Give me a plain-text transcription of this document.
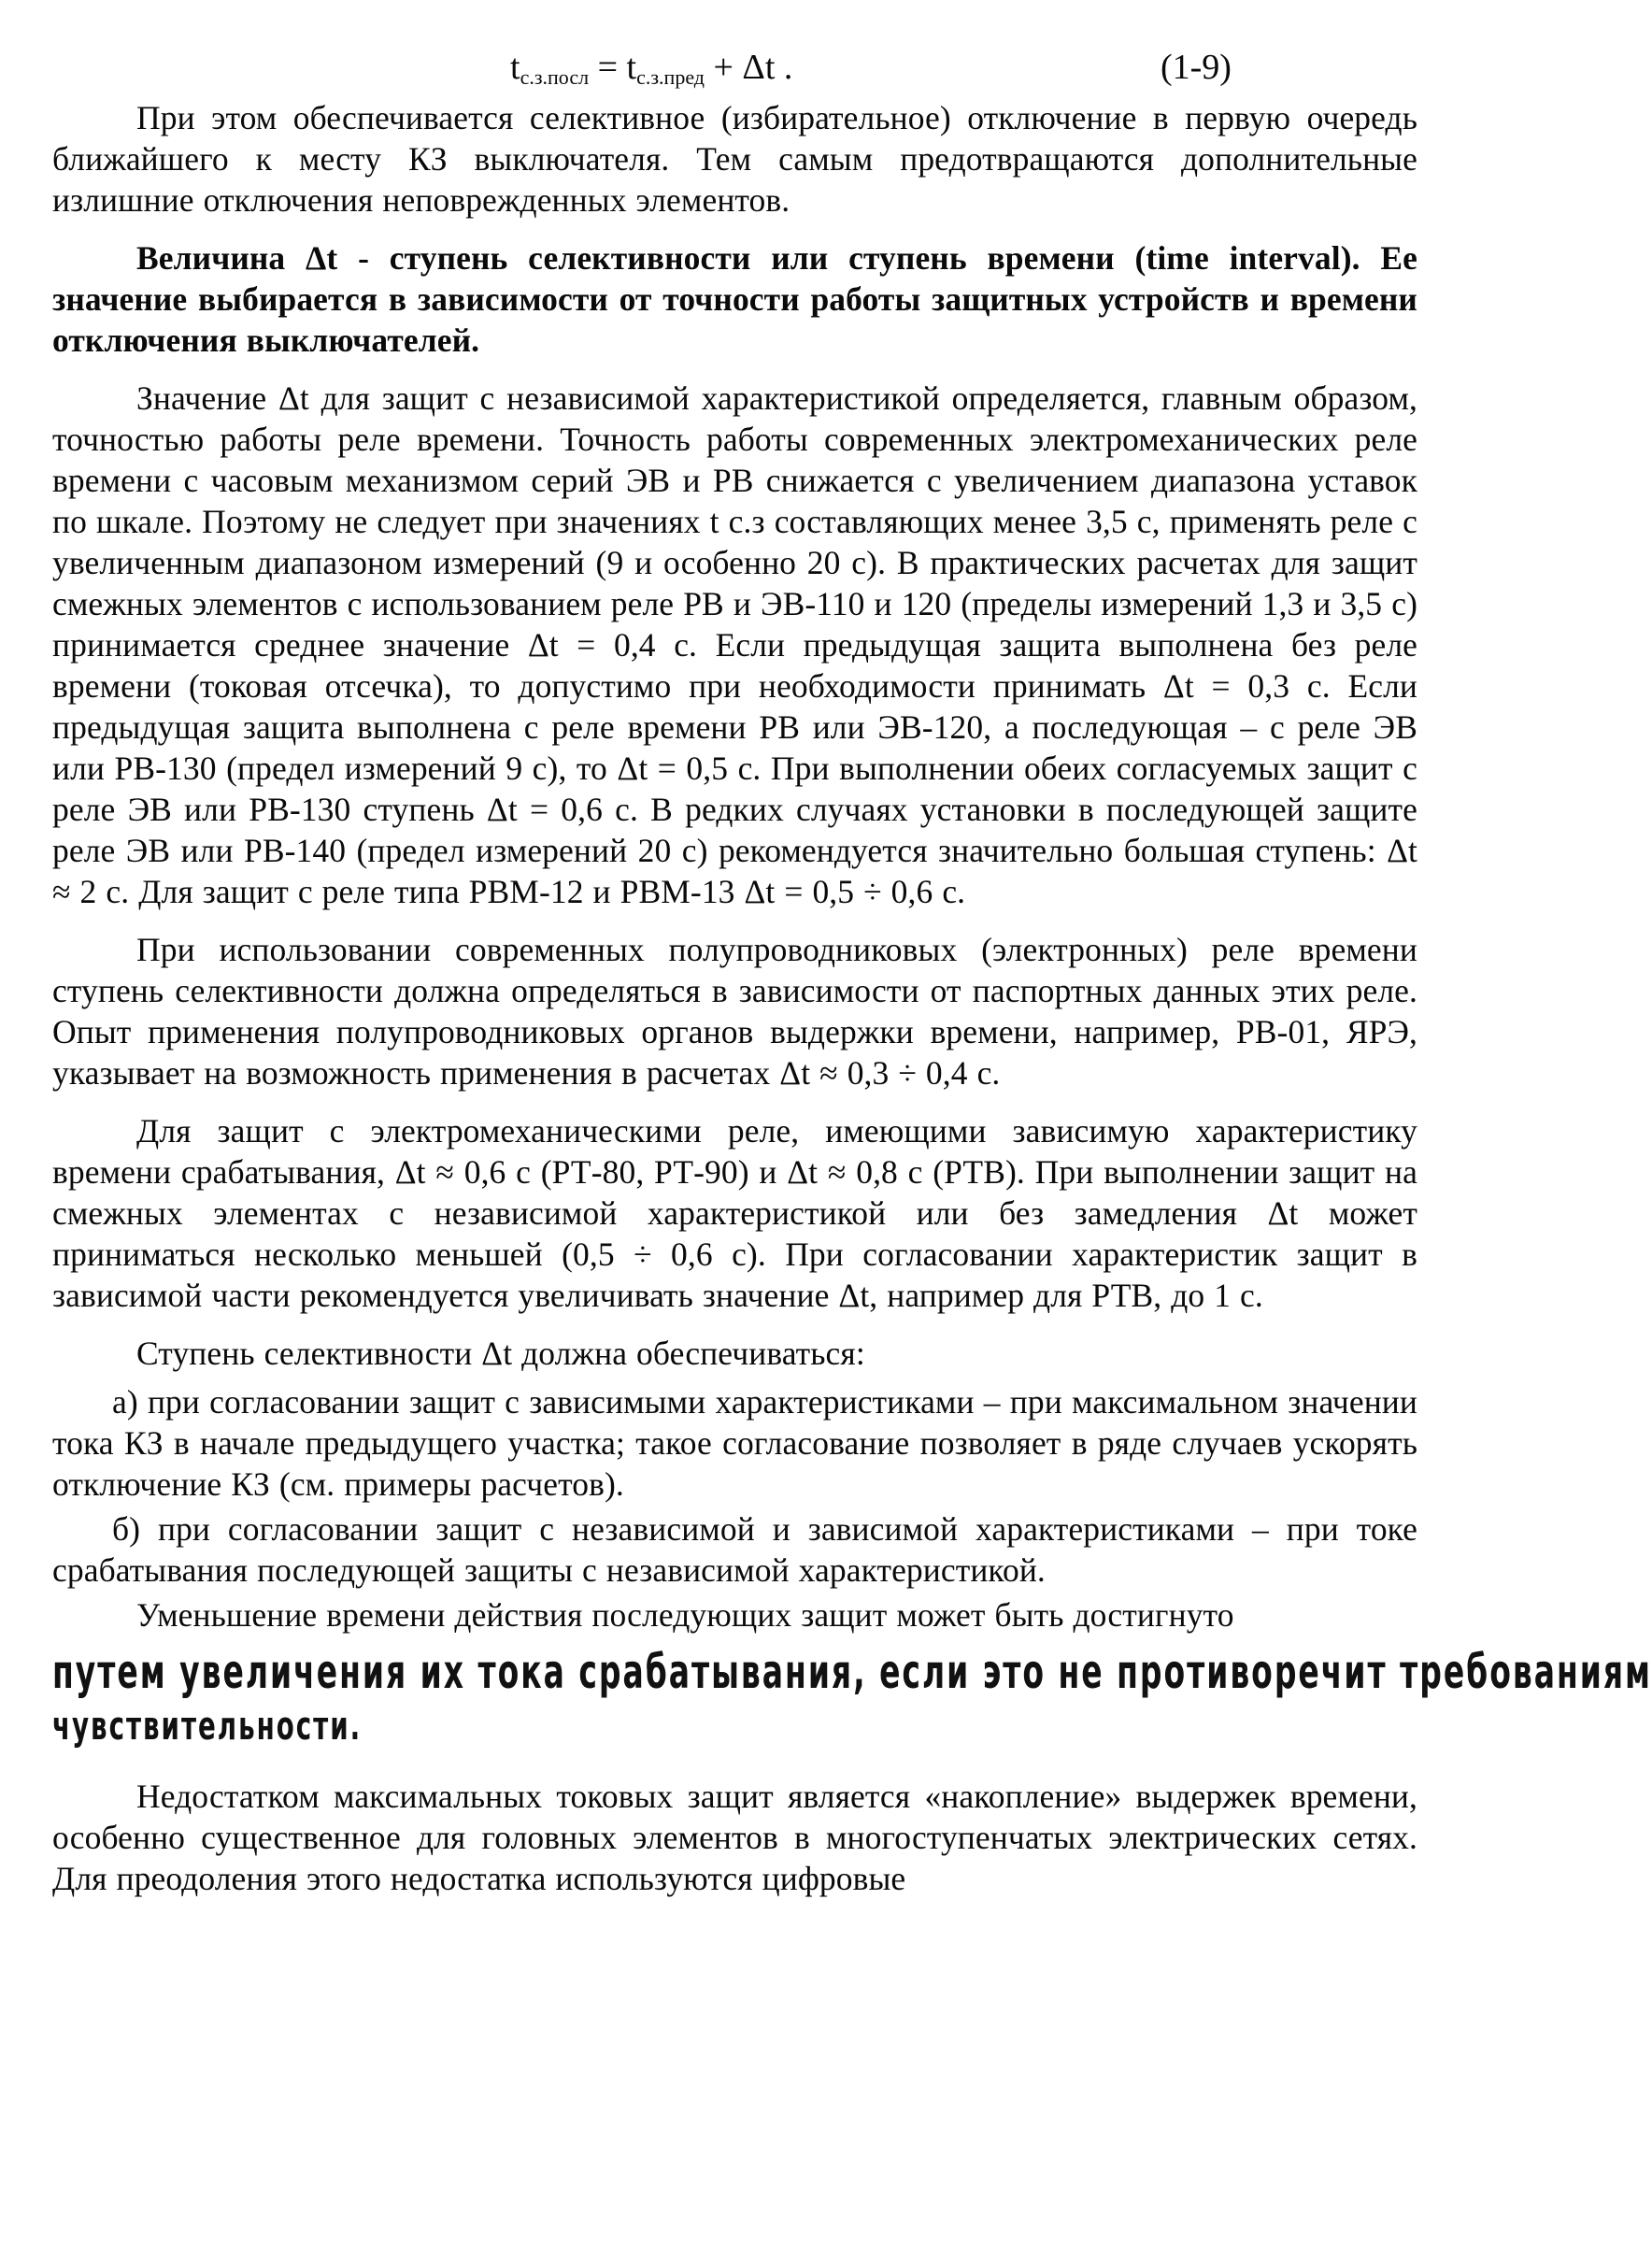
$t_{с.з.посл} = t_{с.з.пред} + \Delta t$ .	(1-9)

При этом обеспечивается селективное (избирательное) отключение в первую очередь ближайшего к месту КЗ выключателя. Тем самым предотвращаются дополнительные излишние отключения неповрежденных элементов.

Величина Δt - ступень селективности или ступень времени (time interval). Ее значение выбирается в зависимости от точности работы защитных устройств и времени отключения выключателей.

Значение Δt для защит с независимой характеристикой определяется, главным образом, точностью работы реле времени. Точность работы современных электромеханических реле времени с часовым механизмом серий ЭВ и РВ снижается с увеличением диапазона уставок по шкале. Поэтому не следует при значениях t с.з составляющих менее 3,5 с, применять реле с увеличенным диапазоном измерений (9 и особенно 20 с). В практических расчетах для защит смежных элементов с использованием реле РВ и ЭВ-110 и 120 (пределы измерений 1,3 и 3,5 с) принимается среднее значение Δt = 0,4 с. Если предыдущая защита выполнена без реле времени (токовая отсечка), то допустимо при необходимости принимать Δt = 0,3 с. Если предыдущая защита выполнена с реле времени РВ или ЭВ-120, а последующая – с реле ЭВ или РВ-130 (предел измерений 9 с), то Δt = 0,5 с. При выполнении обеих согласуемых защит с реле ЭВ или РВ-130 ступень Δt = 0,6 с. В редких случаях установки в последующей защите реле ЭВ или РВ-140 (предел измерений 20 с) рекомендуется значительно большая ступень: Δt ≈ 2 с. Для защит с реле типа РВМ-12 и РВМ-13 Δt = 0,5 ÷ 0,6 с.

При использовании современных полупроводниковых (электронных) реле времени ступень селективности должна определяться в зависимости от паспортных данных этих реле. Опыт применения полупроводниковых органов выдержки времени, например, РВ-01, ЯРЭ, указывает на возможность применения в расчетах Δt ≈ 0,3 ÷ 0,4 с.

Для защит с электромеханическими реле, имеющими зависимую характеристику времени срабатывания, Δt ≈ 0,6 с (РТ-80, РТ-90) и Δt ≈ 0,8 с (РТВ). При выполнении защит на смежных элементах с независимой характеристикой или без замедления Δt может приниматься несколько меньшей (0,5 ÷ 0,6 с). При согласовании характеристик защит в зависимой части рекомендуется увеличивать значение Δt, например для РТВ, до 1 с.

Ступень селективности Δt должна обеспечиваться:

а) при согласовании защит с зависимыми характеристиками – при максимальном значении тока КЗ в начале предыдущего участка; такое согласование позволяет в ряде случаев ускорять отключение КЗ (см. примеры расчетов).

б) при согласовании защит с независимой и зависимой характеристиками – при токе срабатывания последующей защиты с независимой характеристикой.

Уменьшение времени действия последующих защит может быть достигнуто

путем увеличения их тока срабатывания, если это не противоречит требованиям
чувствительности.

Недостатком максимальных токовых защит является «накопление» выдержек времени, особенно существенное для головных элементов в многоступенчатых электрических сетях. Для преодоления этого недостатка используются цифровые
